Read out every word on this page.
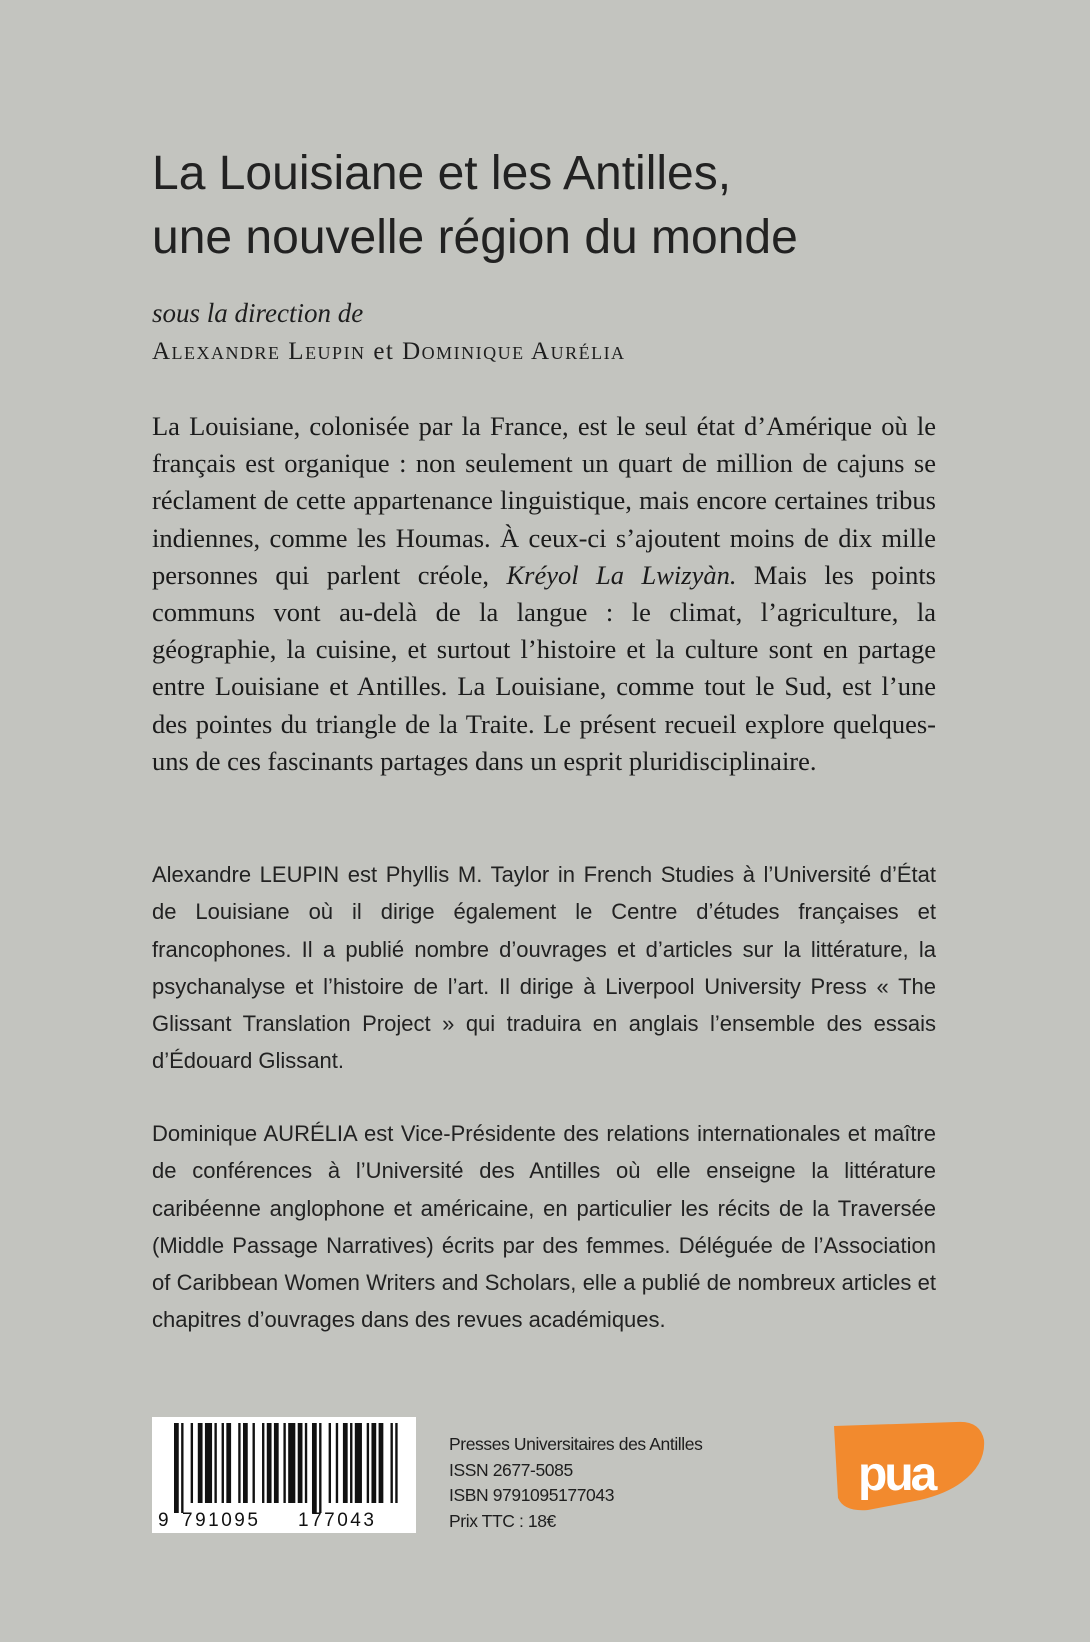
La Louisiane et les Antilles,
une nouvelle région du monde
sous la direction de
Alexandre Leupin et Dominique Aurélia

La Louisiane, colonisée par la France, est le seul état d’Amérique où le français est organique : non seulement un quart de million de cajuns se réclament de cette appartenance linguistique, mais encore certaines tribus indiennes, comme les Houmas. À ceux-ci s’ajoutent moins de dix mille personnes qui parlent créole, Kréyol La Lwizyàn. Mais les points communs vont au-delà de la langue : le climat, l’agriculture, la géographie, la cuisine, et surtout l’histoire et la culture sont en partage entre Louisiane et Antilles. La Louisiane, comme tout le Sud, est l’une des pointes du triangle de la Traite. Le présent recueil explore quelques-uns de ces fascinants partages dans un esprit pluridisciplinaire.

Alexandre LEUPIN est Phyllis M. Taylor in French Studies à l’Université d’État de Louisiane où il dirige également le Centre d’études françaises et francophones. Il a publié nombre d’ouvrages et d’articles sur la littérature, la psychanalyse et l’histoire de l’art. Il dirige à Liverpool University Press « The Glissant Translation Project » qui traduira en anglais l’ensemble des essais d’Édouard Glissant.

Dominique AURÉLIA est Vice-Présidente des relations internationales et maître de conférences à l’Université des Antilles où elle enseigne la littérature caribéenne anglophone et américaine, en particulier les récits de la Traversée (Middle Passage Narratives) écrits par des femmes. Déléguée de l’Association of Caribbean Women Writers and Scholars, elle a publié de nombreux articles et chapitres d’ouvrages dans des revues académiques.

9 791095 177043
Presses Universitaires des Antilles
ISSN 2677-5085
ISBN 9791095177043
Prix TTC : 18€
pua
